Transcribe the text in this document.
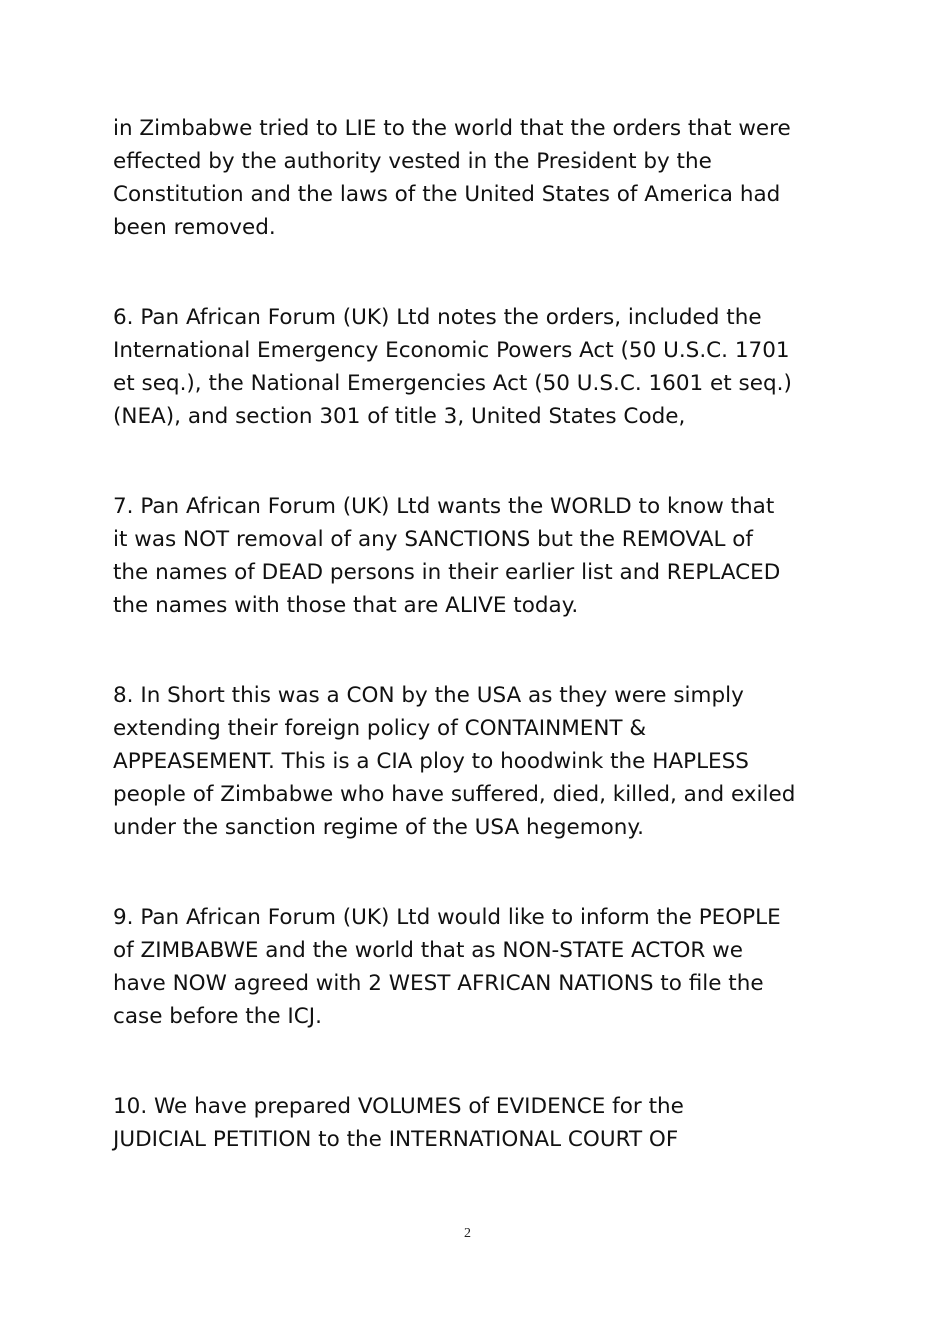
in Zimbabwe tried to LIE to the world that the orders that were
effected by the authority vested in the President by the
Constitution and the laws of the United States of America had
been removed.

6. Pan African Forum (UK) Ltd notes the orders, included the
International Emergency Economic Powers Act (50 U.S.C. 1701
et seq.), the National Emergencies Act (50 U.S.C. 1601 et seq.)
(NEA), and section 301 of title 3, United States Code,

7. Pan African Forum (UK) Ltd wants the WORLD to know that
it was NOT removal of any SANCTIONS but the REMOVAL of
the names of DEAD persons in their earlier list and REPLACED
the names with those that are ALIVE today.

8. In Short this was a CON by the USA as they were simply
extending their foreign policy of CONTAINMENT &
APPEASEMENT. This is a CIA ploy to hoodwink the HAPLESS
people of Zimbabwe who have suffered, died, killed, and exiled
under the sanction regime of the USA hegemony.

9. Pan African Forum (UK) Ltd would like to inform the PEOPLE
of ZIMBABWE and the world that as NON-STATE ACTOR we
have NOW agreed with 2 WEST AFRICAN NATIONS to file the
case before the ICJ.

10. We have prepared VOLUMES of EVIDENCE for the
JUDICIAL PETITION to the INTERNATIONAL COURT OF

2
